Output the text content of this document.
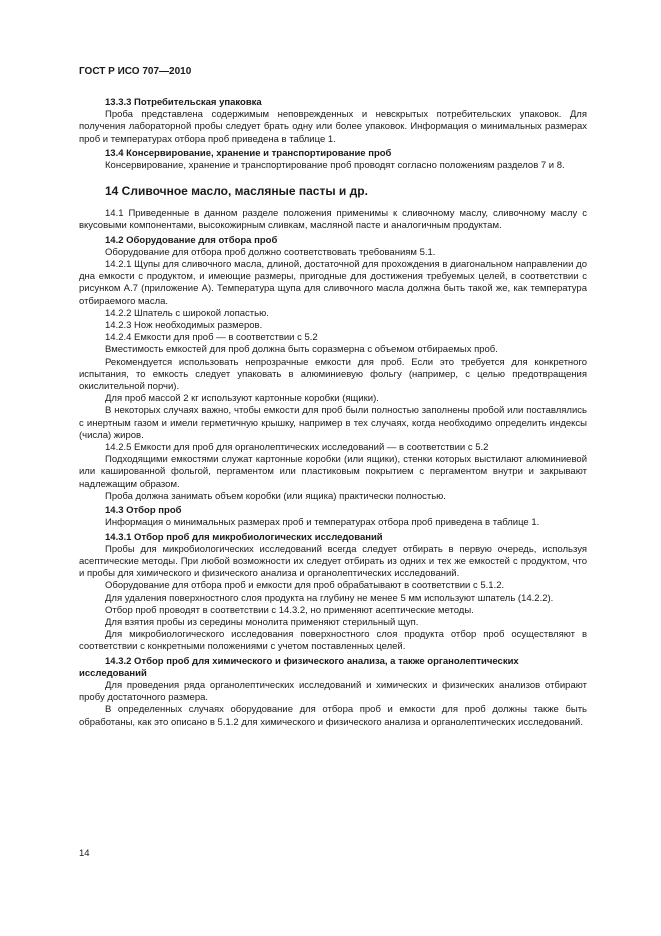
ГОСТ Р ИСО 707—2010

13.3.3 Потребительская упаковка

Проба представлена содержимым неповрежденных и невскрытых потребительских упаковок. Для получения лабораторной пробы следует брать одну или более упаковок. Информация о минимальных размерах проб и температурах отбора проб приведена в таблице 1.

13.4 Консервирование, хранение и транспортирование проб

Консервирование, хранение и транспортирование проб проводят согласно положениям разделов 7 и 8.

14 Сливочное масло, масляные пасты и др.

14.1 Приведенные в данном разделе положения применимы к сливочному маслу, сливочному маслу с вкусовыми компонентами, высокожирным сливкам, масляной пасте и аналогичным продуктам.

14.2 Оборудование для отбора проб

Оборудование для отбора проб должно соответствовать требованиям 5.1.

14.2.1 Щупы для сливочного масла, длиной, достаточной для прохождения в диагональном направлении до дна емкости с продуктом, и имеющие размеры, пригодные для достижения требуемых целей, в соответствии с рисунком А.7 (приложение А). Температура щупа для сливочного масла должна быть такой же, как температура отбираемого масла.

14.2.2 Шпатель с широкой лопастью.

14.2.3 Нож необходимых размеров.

14.2.4 Емкости для проб — в соответствии с 5.2

Вместимость емкостей для проб должна быть соразмерна с объемом отбираемых проб.

Рекомендуется использовать непрозрачные емкости для проб. Если это требуется для конкретного испытания, то емкость следует упаковать в алюминиевую фольгу (например, с целью предотвращения окислительной порчи).

Для проб массой 2 кг используют картонные коробки (ящики).

В некоторых случаях важно, чтобы емкости для проб были полностью заполнены пробой или поставлялись с инертным газом и имели герметичную крышку, например в тех случаях, когда необходимо определить индексы (числа) жиров.

14.2.5 Емкости для проб для органолептических исследований — в соответствии с 5.2

Подходящими емкостями служат картонные коробки (или ящики), стенки которых выстилают алюминиевой или кашированной фольгой, пергаментом или пластиковым покрытием с пергаментом внутри и закрывают надлежащим образом.

Проба должна занимать объем коробки (или ящика) практически полностью.

14.3 Отбор проб

Информация о минимальных размерах проб и температурах отбора проб приведена в таблице 1.

14.3.1 Отбор проб для микробиологических исследований

Пробы для микробиологических исследований всегда следует отбирать в первую очередь, используя асептические методы. При любой возможности их следует отбирать из одних и тех же емкостей с продуктом, что и пробы для химического и физического анализа и органолептических исследований.

Оборудование для отбора проб и емкости для проб обрабатывают в соответствии с 5.1.2.

Для удаления поверхностного слоя продукта на глубину не менее 5 мм используют шпатель (14.2.2).

Отбор проб проводят в соответствии с 14.3.2, но применяют асептические методы.

Для взятия пробы из середины монолита применяют стерильный щуп.

Для микробиологического исследования поверхностного слоя продукта отбор проб осуществляют в соответствии с конкретными положениями с учетом поставленных целей.

14.3.2 Отбор проб для химического и физического анализа, а также органолептических исследований

Для проведения ряда органолептических исследований и химических и физических анализов отбирают пробу достаточного размера.

В определенных случаях оборудование для отбора проб и емкости для проб должны также быть обработаны, как это описано в 5.1.2 для химического и физического анализа и органолептических исследований.

14
